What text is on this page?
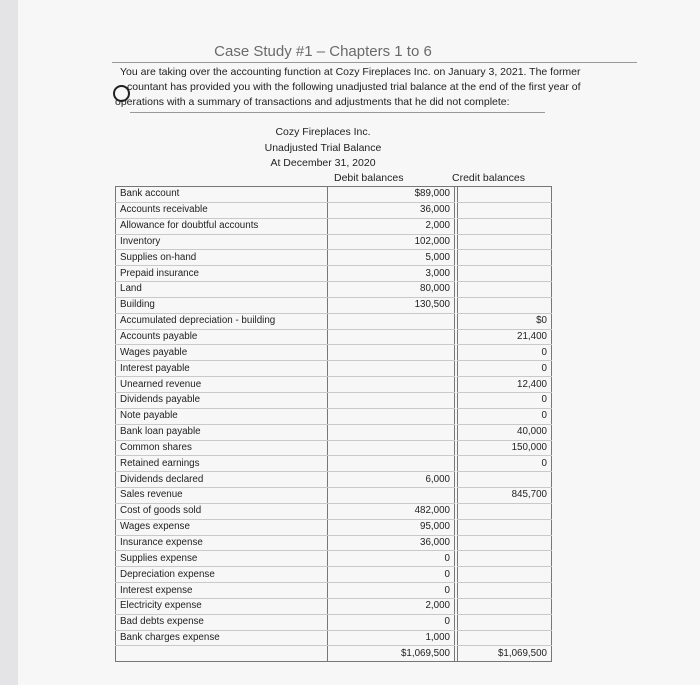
Case Study #1 – Chapters 1 to 6
You are taking over the accounting function at Cozy Fireplaces Inc. on January 3, 2021. The former
countant has provided you with the following unadjusted trial balance at the end of the first year of
operations with a summary of transactions and adjustments that he did not complete:
Cozy Fireplaces Inc.
Unadjusted Trial Balance
At December 31, 2020
Debit balances	Credit balances
Bank account	$89,000		
Accounts receivable	36,000		
Allowance for doubtful accounts	2,000		
Inventory	102,000		
Supplies on-hand	5,000		
Prepaid insurance	3,000		
Land	80,000		
Building	130,500		
Accumulated depreciation - building			$0
Accounts payable			21,400
Wages payable			0
Interest payable			0
Unearned revenue			12,400
Dividends payable			0
Note payable			0
Bank loan payable			40,000
Common shares			150,000
Retained earnings			0
Dividends declared	6,000		
Sales revenue			845,700
Cost of goods sold	482,000		
Wages expense	95,000		
Insurance expense	36,000		
Supplies expense	0		
Depreciation expense	0		
Interest expense	0		
Electricity expense	2,000		
Bad debts expense	0		
Bank charges expense	1,000		
	$1,069,500		$1,069,500
